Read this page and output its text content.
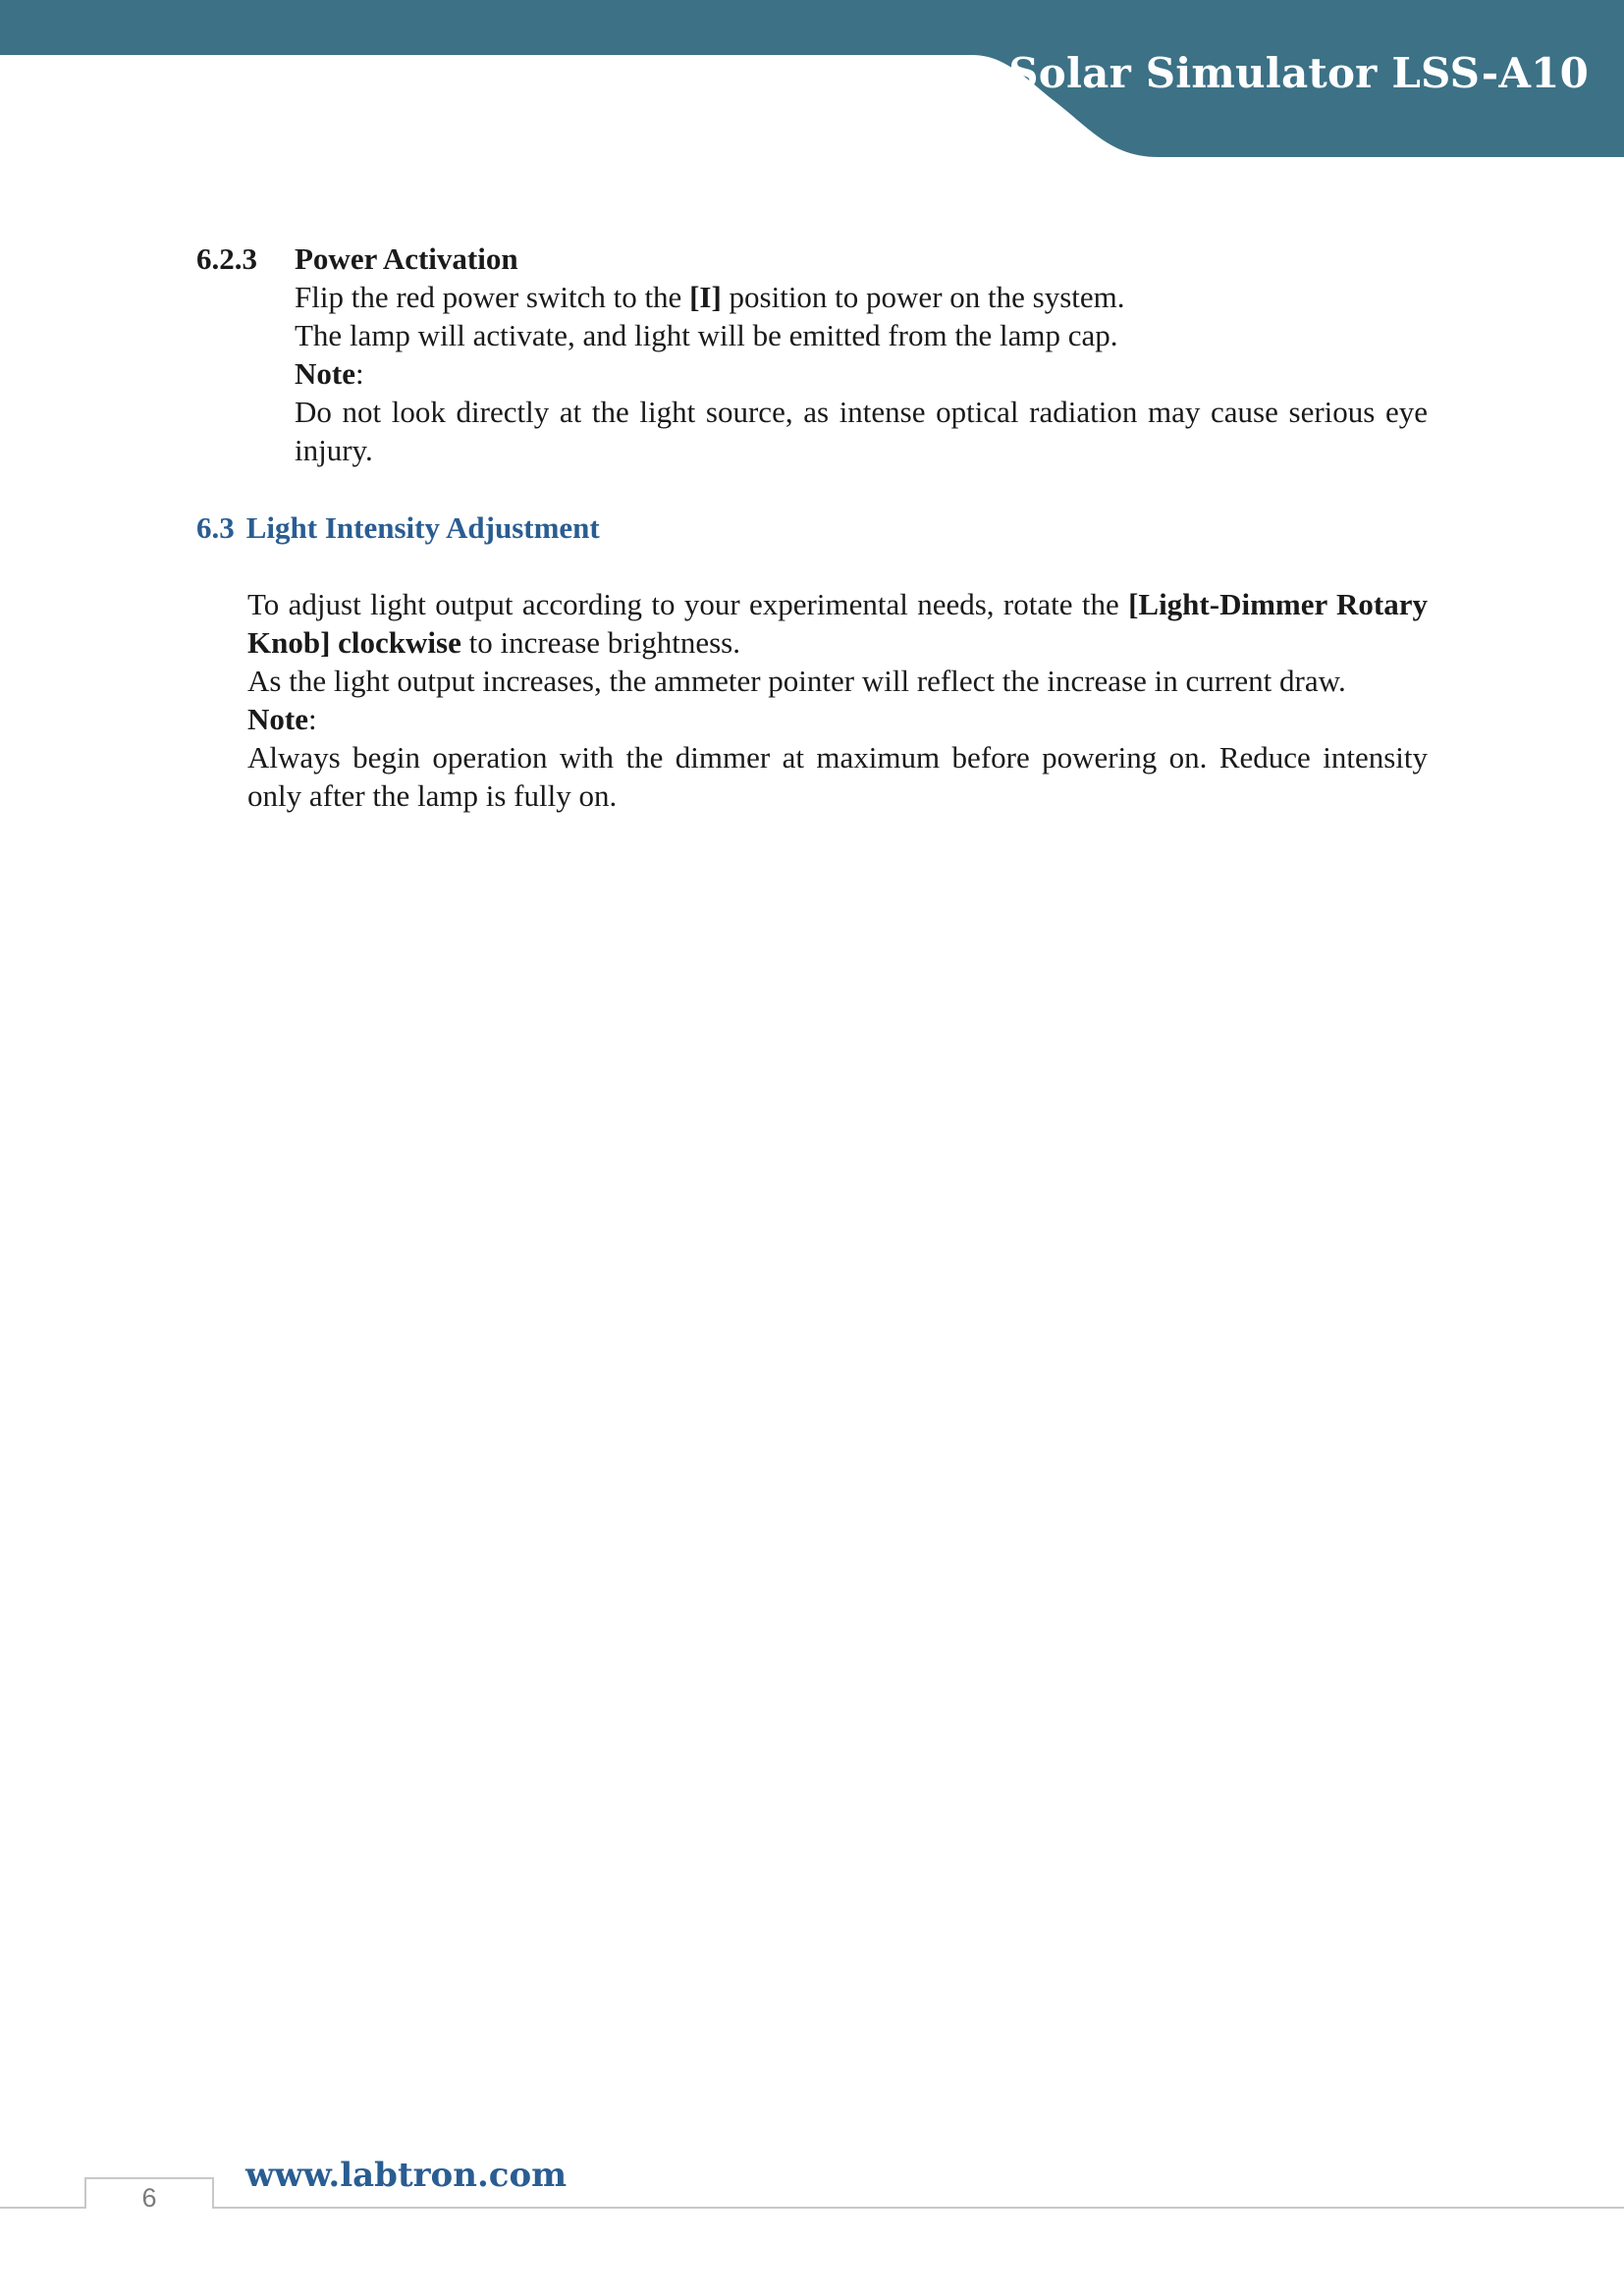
Solar Simulator LSS-A10
6.2.3	Power Activation

Flip the red power switch to the [I] position to power on the system.

The lamp will activate, and light will be emitted from the lamp cap.

Note:

Do not look directly at the light source, as intense optical radiation may cause serious eye injury.

6.3 Light Intensity Adjustment

To adjust light output according to your experimental needs, rotate the [Light-Dimmer Rotary Knob] clockwise to increase brightness.

As the light output increases, the ammeter pointer will reflect the increase in current draw.

Note:

Always begin operation with the dimmer at maximum before powering on. Reduce intensity only after the lamp is fully on.

6
www.labtron.com
